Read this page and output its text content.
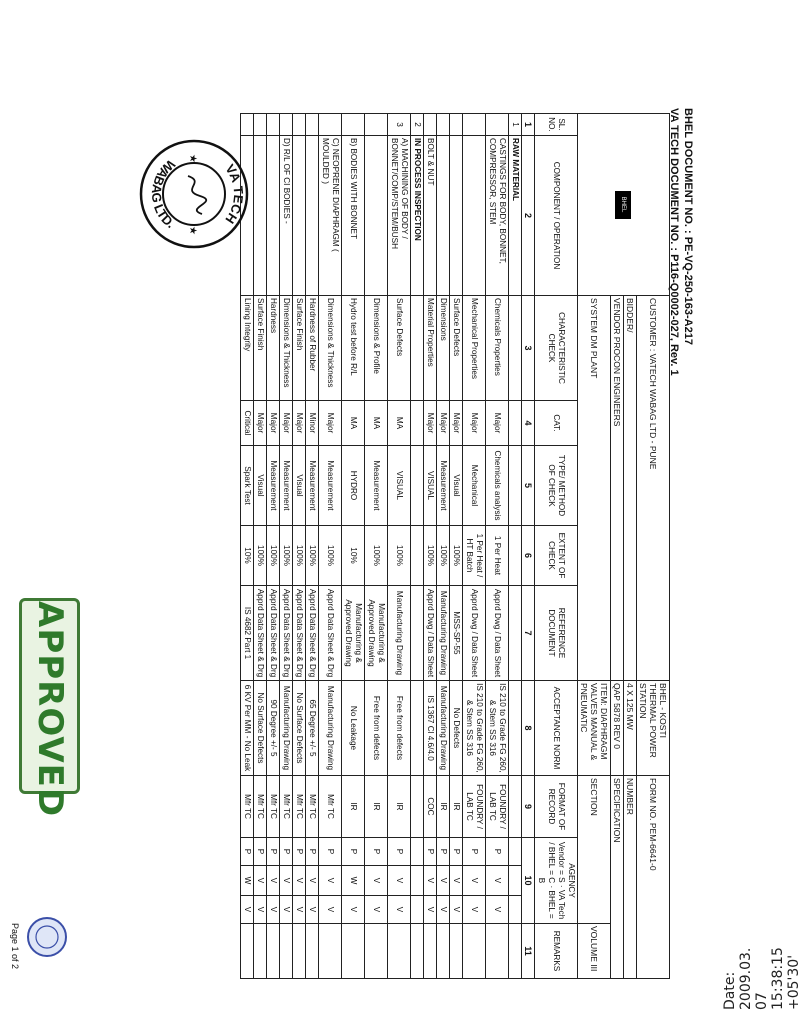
BHEL DOCUMENT NO. : PE-VQ-250-163-A217
VA TECH DOCUMENT NO. : P116-Q0002-027, Rev. 1
BHEL		CUSTOMER : VATECH WABAG LTD - PUNE					BHEL - KOSTI THERMAL POWER STATION	FORM NO. PEM-6641-0				
		BIDDER/					4 X 125 MW	NUMBER				
		VENDOR PROCON ENGINEERS					QAP 5878 REV 0	SPECIFICATION				
		SYSTEM DM PLANT					ITEM: DIAPHRAGM VALVES MANUAL & PNEUMATIC	SECTION				VOLUME III
SL.
NO.	COMPONENT / OPERATION	CHARACTERISTIC
CHECK	CAT.	TYPE/ METHOD OF CHECK	EXTENT OF CHECK	REFERENCE DOCUMENT	ACCEPTANCE NORM	FORMAT OF RECORD	AGENCY
Vendor = S · VA Tech / BHEL = C · BHEL = B			REMARKS
1	2	3	4	5	6	7	8	9	10			11
1	RAW MATERIAL											
	CASTINGS FOR BODY, BONNET, COMPRESSOR, STEM	Chemicals Properties	Major	Chemicals analysis	1 Per Heat	Apprd Dwg / Data Sheet	IS 210 to Grade FG 260, & Stem SS 316	FOUNDRY / LAB TC	P	V	V	
		Mechanical Properties	Major	Mechanical	1 Per Heat / HT Batch	Apprd Dwg / Data Sheet	IS 210 to Grade FG 260, & Stem SS 316	FOUNDRY / LAB TC	P	V	V	
		Surface Defects	Major	Visual	100%	MSS-SP-55	No Defects	IR	P	V	V	
		Dimensions	Major	Measurement	100%	Manufacturing Drawing	Manufacturing Drawing	IR	P	V	V	
	BOLT & NUT	Material Properties	Major	VISUAL	100%	Apprd Dwg / Data Sheet	IS 1367 Cl 4.6/4.0	COC	P	V	V	
2	IN PROCESS INSPECTION											
3	A) MACHINING OF BODY / BONNET/COMP/STEM/BUSH	Surface Defects	MA	VISUAL	100%	Manufacturing Drawing	Free from defects	IR	P	V	V	
		Dimensions & Profile	MA	Measurement	100%	Manufacturing & Approved Drawing	Free from defects	IR	P	V	V	
	B) BODIES WITH BONNET	Hydro test before R/L	MA	HYDRO	10%	Manufacturing & Approved Drawing	No Leakage	IR	P	W	V	
	C) NEOPRENE DIAPHRAGM ( MOULDED )	Dimensions & Thickness	Major	Measurement	100%	Apprd Data Sheet & Drg	Manufacturing Drawing	Mfr TC	P	V	V	
		Hardness of Rubber	Minor	Measurement	100%	Apprd Data Sheet & Drg	65 Degree +/- 5	Mfr TC	P	V	V	
		Surface Finish	Major	Visual	100%	Apprd Data Sheet & Drg	No Surface Defects	Mfr TC	P	V	V	
	D) R/L OF CI BODIES -	Dimensions & Thickness	Major	Measurement	100%	Apprd Data Sheet & Drg	Manufacturing Drawing	Mfr TC	P	V	V	
		Hardness	Major	Measurement	100%	Apprd Data Sheet & Drg	90 Degree +/- 5	Mfr TC	P	V	V	
		Surface Finish	Major	Visual	100%	Apprd Data Sheet & Drg	No Surface Defects	Mfr TC	P	V	V	
		Lining Integrity	Critical	Spark Test	10%	IS 4682 Part 1	6 KV Per MM - No Leak	Mfr TC	P	W	V	
VA TECH
WABAG LTD.
★
★
APPROVED
Page 1 of 2
Date: 2009.03. 07 15:38:15 +05'30'
